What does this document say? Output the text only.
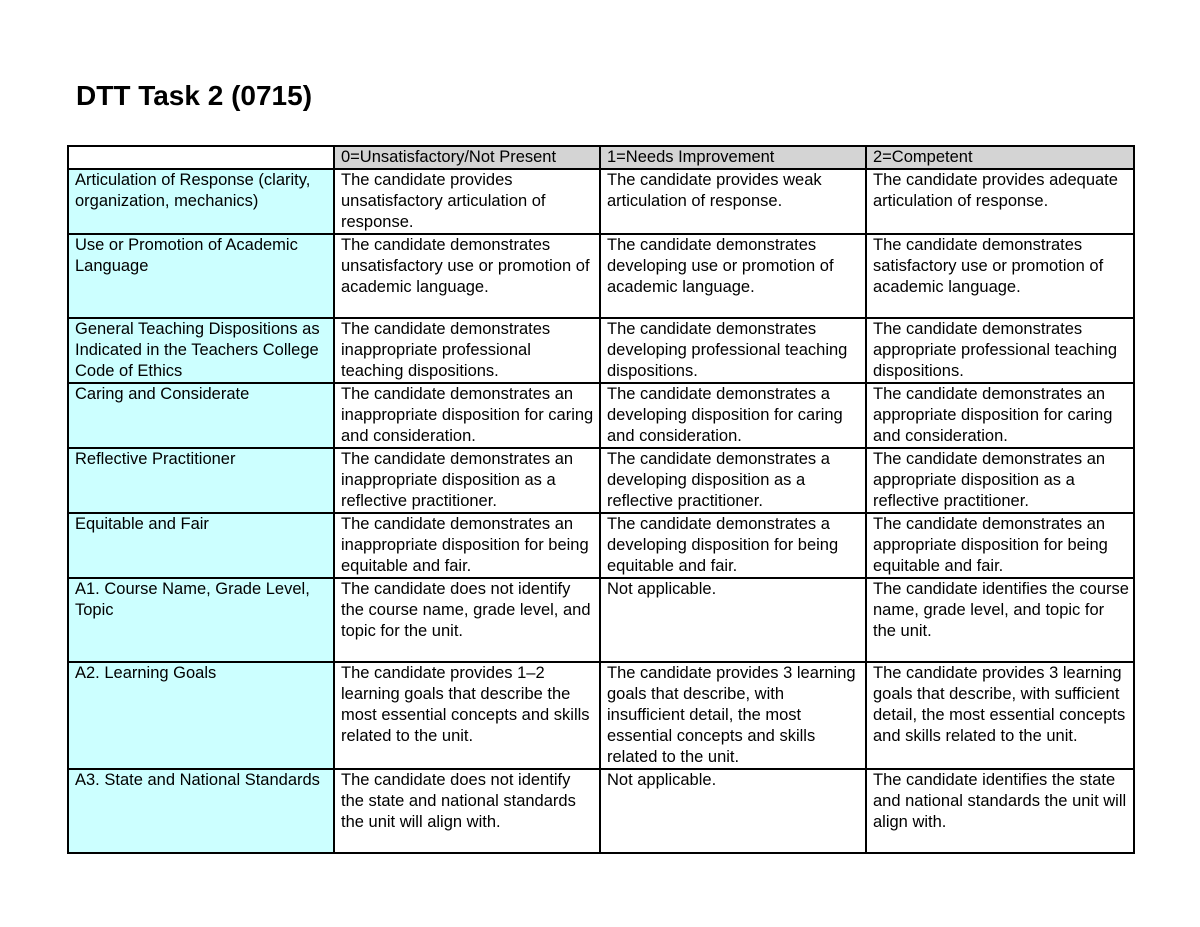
DTT Task 2 (0715)
	0=Unsatisfactory/Not Present	1=Needs Improvement	2=Competent
Articulation of Response (clarity, organization, mechanics)	The candidate provides unsatisfactory articulation of response.	The candidate provides weak articulation of response.	The candidate provides adequate articulation of response.
Use or Promotion of Academic Language	The candidate demonstrates unsatisfactory use or promotion of academic language.	The candidate demonstrates developing use or promotion of academic language.	The candidate demonstrates satisfactory use or promotion of academic language.
General Teaching Dispositions as Indicated in the Teachers College Code of Ethics	The candidate demonstrates inappropriate professional teaching dispositions.	The candidate demonstrates developing professional teaching dispositions.	The candidate demonstrates appropriate professional teaching dispositions.
Caring and Considerate	The candidate demonstrates an inappropriate disposition for caring and consideration.	The candidate demonstrates a developing disposition for caring and consideration.	The candidate demonstrates an appropriate disposition for caring and consideration.
Reflective Practitioner	The candidate demonstrates an inappropriate disposition as a reflective practitioner.	The candidate demonstrates a developing disposition as a reflective practitioner.	The candidate demonstrates an appropriate disposition as a reflective practitioner.
Equitable and Fair	The candidate demonstrates an inappropriate disposition for being equitable and fair.	The candidate demonstrates a developing disposition for being equitable and fair.	The candidate demonstrates an appropriate disposition for being equitable and fair.
A1. Course Name, Grade Level, Topic	The candidate does not identify the course name, grade level, and topic for the unit.	Not applicable.	The candidate identifies the course name, grade level, and topic for the unit.
A2. Learning Goals	The candidate provides 1–2 learning goals that describe the most essential concepts and skills related to the unit.	The candidate provides 3 learning goals that describe, with insufficient detail, the most essential concepts and skills related to the unit.	The candidate provides 3 learning goals that describe, with sufficient detail, the most essential concepts and skills related to the unit.
A3. State and National Standards	The candidate does not identify the state and national standards the unit will align with.	Not applicable.	The candidate identifies the state and national standards the unit will align with.
